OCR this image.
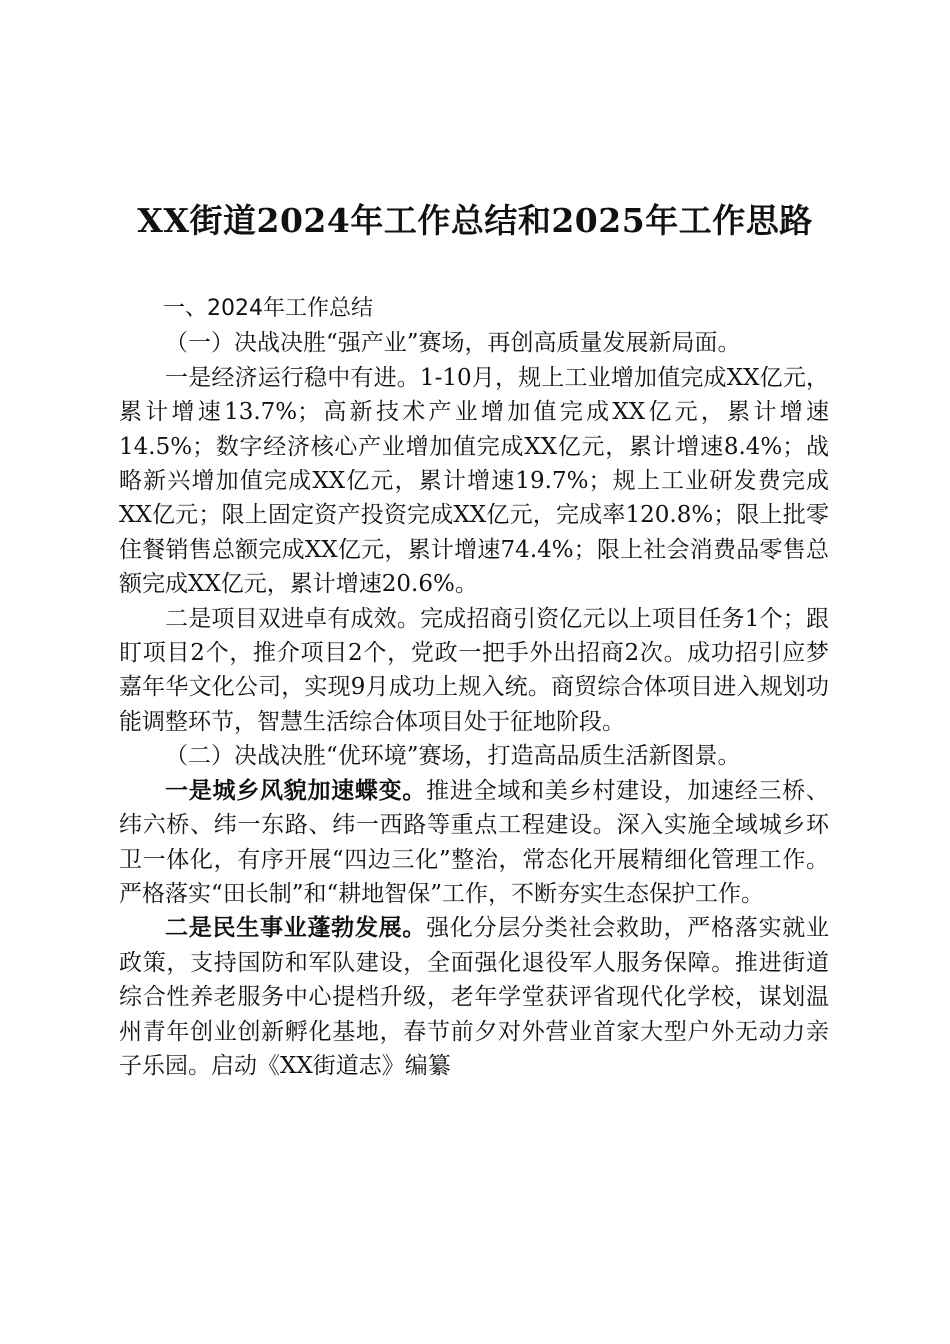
XX街道2024年工作总结和2025年工作思路

一、2024年工作总结

（一）决战决胜“强产业”赛场，再创高质量发展新局面。

一是经济运行稳中有进。1-10月，规上工业增加值完成XX亿元，累计增速13.7%；高新技术产业增加值完成XX亿元，累计增速14.5%；数字经济核心产业增加值完成XX亿元，累计增速8.4%；战略新兴增加值完成XX亿元，累计增速19.7%；规上工业研发费完成XX亿元；限上固定资产投资完成XX亿元，完成率120.8%；限上批零住餐销售总额完成XX亿元，累计增速74.4%；限上社会消费品零售总额完成XX亿元，累计增速20.6%。

二是项目双进卓有成效。完成招商引资亿元以上项目任务1个；跟盯项目2个，推介项目2个，党政一把手外出招商2次。成功招引应梦嘉年华文化公司，实现9月成功上规入统。商贸综合体项目进入规划功能调整环节，智慧生活综合体项目处于征地阶段。

（二）决战决胜“优环境”赛场，打造高品质生活新图景。

一是城乡风貌加速蝶变。推进全域和美乡村建设，加速经三桥、纬六桥、纬一东路、纬一西路等重点工程建设。深入实施全域城乡环卫一体化，有序开展“四边三化”整治，常态化开展精细化管理工作。严格落实“田长制”和“耕地智保”工作，不断夯实生态保护工作。

二是民生事业蓬勃发展。强化分层分类社会救助，严格落实就业政策，支持国防和军队建设，全面强化退役军人服务保障。推进街道综合性养老服务中心提档升级，老年学堂获评省现代化学校，谋划温州青年创业创新孵化基地，春节前夕对外营业首家大型户外无动力亲子乐园。启动《XX街道志》编纂
